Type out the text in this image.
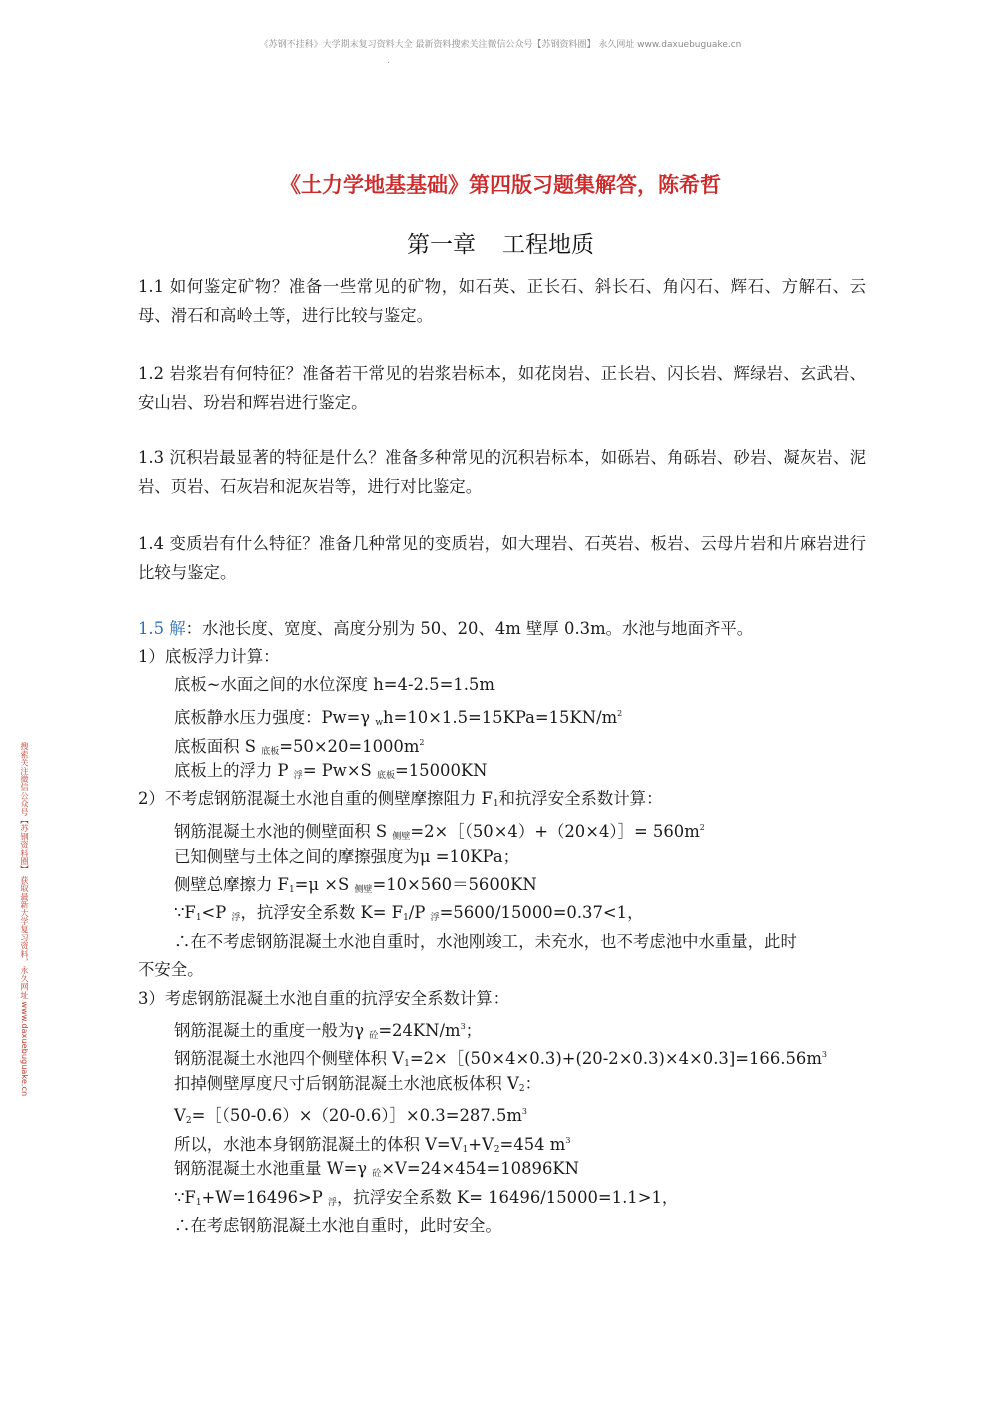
《苏钢不挂科》大学期末复习资料大全 最新资料搜索关注微信公众号【苏钢资料圈】 永久网址 www.daxuebuguake.cn
.
搜索关注微信公众号【苏钢资料圈】 获取最新大学复习资料，永久网址 www.daxuebuguake.cn
《土力学地基基础》第四版习题集解答，陈希哲
第一章 工程地质
1.1 如何鉴定矿物？准备一些常见的矿物，如石英、正长石、斜长石、角闪石、辉石、方解石、云母、滑石和高岭土等，进行比较与鉴定。
1.2 岩浆岩有何特征？准备若干常见的岩浆岩标本，如花岗岩、正长岩、闪长岩、辉绿岩、玄武岩、安山岩、玢岩和辉岩进行鉴定。
1.3 沉积岩最显著的特征是什么？准备多种常见的沉积岩标本，如砾岩、角砾岩、砂岩、凝灰岩、泥岩、页岩、石灰岩和泥灰岩等，进行对比鉴定。
1.4 变质岩有什么特征？准备几种常见的变质岩，如大理岩、石英岩、板岩、云母片岩和片麻岩进行比较与鉴定。
1.5 解：水池长度、宽度、高度分别为 50、20、4m 壁厚 0.3m。水池与地面齐平。
1）底板浮力计算：
底板~水面之间的水位深度 h=4-2.5=1.5m
底板静水压力强度：Pw=γ $_wh=10\times 1.5=15KPa=15KN/m^2$
底板面积 S $_{底板}=50\times 20=1000m^2$
底板上的浮力 P $_浮$= Pw×S $_{底板}$=15000KN
2）不考虑钢筋混凝土水池自重的侧壁摩擦阻力 $F_1$和抗浮安全系数计算：
钢筋混凝土水池的侧壁面积 S $_{侧壁}$=2×［（50×4）+（20×4）］= $560m^2$
已知侧壁与土体之间的摩擦强度为μ =10KPa；
侧壁总摩擦力 $F_1=\mu \times S$ $_{侧壁}$=10×560＝5600KN
$\because F_1<P$ $_浮$，抗浮安全系数 $K= F_1/P$ $_浮$=5600/15000=0.37<1，
∴在不考虑钢筋混凝土水池自重时，水池刚竣工，未充水，也不考虑池中水重量，此时
不安全。
3）考虑钢筋混凝土水池自重的抗浮安全系数计算：
钢筋混凝土的重度一般为γ $_砼=24KN/m^3$；
钢筋混凝土水池四个侧壁体积 $V_1=2\times[(50\times 4\times 0.3)+(20-2\times 0.3)\times 4\times 0.3]=166.56m^3$
扣掉侧壁厚度尺寸后钢筋混凝土水池底板体积 $V_2$：
$V_2=[(50-0.6)\times(20-0.6)]\times 0.3=287.5m^3$
所以，水池本身钢筋混凝土的体积 $V=V_1+V_2=454$ $m^3$
钢筋混凝土水池重量 W=γ $_砼$×V=24×454=10896KN
$\because F_1+W=16496>P$ $_浮$，抗浮安全系数 K= 16496/15000=1.1>1，
∴在考虑钢筋混凝土水池自重时，此时安全。
